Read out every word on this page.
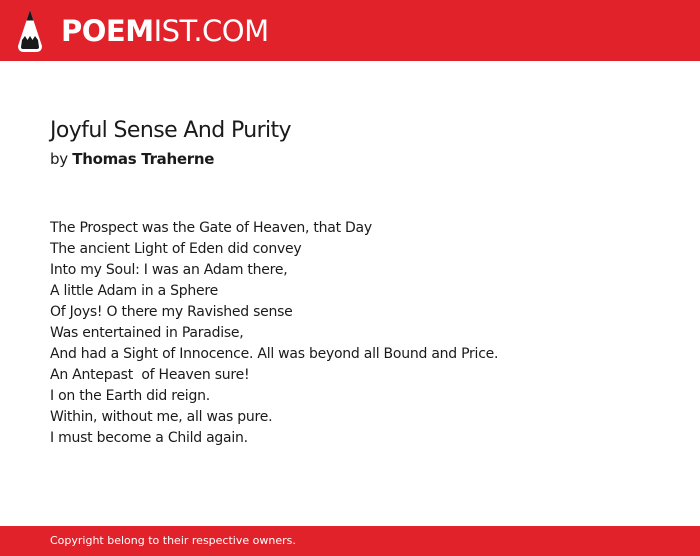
POEMIST.COM
Joyful Sense And Purity
by Thomas Traherne
The Prospect was the Gate of Heaven, that Day
The ancient Light of Eden did convey
Into my Soul: I was an Adam there,
A little Adam in a Sphere
Of Joys! O there my Ravished sense
Was entertained in Paradise,
And had a Sight of Innocence. All was beyond all Bound and Price.
An Antepast  of Heaven sure!
I on the Earth did reign.
Within, without me, all was pure.
I must become a Child again.
Copyright belong to their respective owners.
